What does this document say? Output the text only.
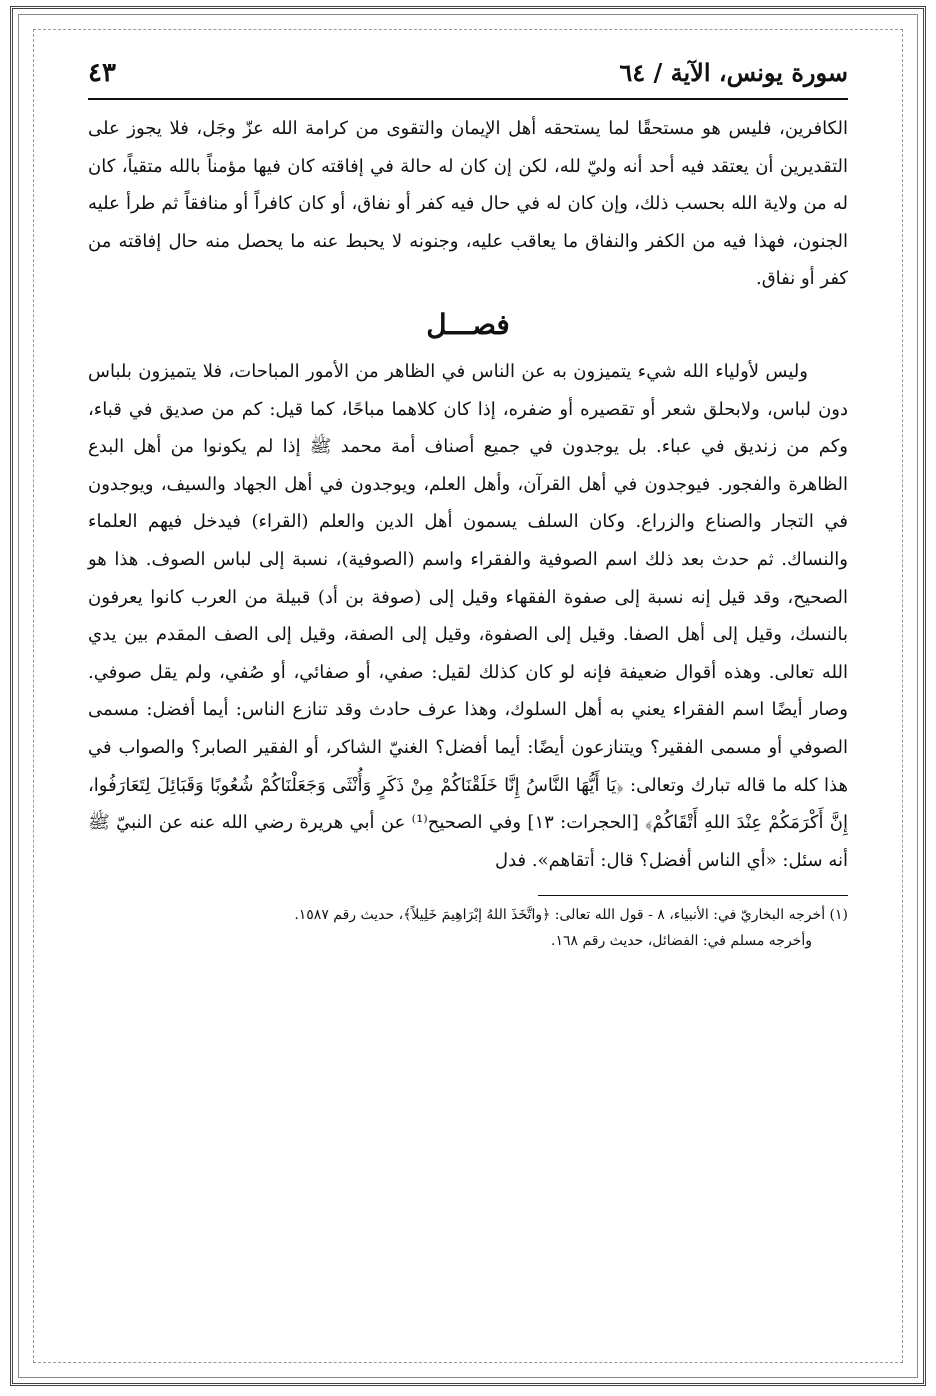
سورة يونس، الآية / ٦٤
٤٣

الكافرين، فليس هو مستحقًا لما يستحقه أهل الإيمان والتقوى من كرامة الله عزّ وجَل، فلا يجوز على التقديرين أن يعتقد فيه أحد أنه وليّ لله، لكن إن كان له حالة في إفاقته كان فيها مؤمناً بالله متقياً، كان له من ولاية الله بحسب ذلك، وإن كان له في حال فيه كفر أو نفاق، أو كان كافراً أو منافقاً ثم طرأ عليه الجنون، فهذا فيه من الكفر والنفاق ما يعاقب عليه، وجنونه لا يحبط عنه ما يحصل منه حال إفاقته من كفر أو نفاق.

فصـــل

وليس لأولياء الله شيء يتميزون به عن الناس في الظاهر من الأمور المباحات، فلا يتميزون بلباس دون لباس، ولابحلق شعر أو تقصيره أو ضفره، إذا كان كلاهما مباحًا، كما قيل: كم من صديق في قباء، وكم من زنديق في عباء. بل يوجدون في جميع أصناف أمة محمد ﷺ إذا لم يكونوا من أهل البدع الظاهرة والفجور. فيوجدون في أهل القرآن، وأهل العلم، ويوجدون في أهل الجهاد والسيف، ويوجدون في التجار والصناع والزراع. وكان السلف يسمون أهل الدين والعلم (القراء) فيدخل فيهم العلماء والنساك. ثم حدث بعد ذلك اسم الصوفية والفقراء واسم (الصوفية)، نسبة إلى لباس الصوف. هذا هو الصحيح، وقد قيل إنه نسبة إلى صفوة الفقهاء وقيل إلى (صوفة بن أد) قبيلة من العرب كانوا يعرفون بالنسك، وقيل إلى أهل الصفا. وقيل إلى الصفوة، وقيل إلى الصفة، وقيل إلى الصف المقدم بين يدي الله تعالى. وهذه أقوال ضعيفة فإنه لو كان كذلك لقيل: صفي، أو صفائي، أو صُفي، ولم يقل صوفي. وصار أيضًا اسم الفقراء يعني به أهل السلوك، وهذا عرف حادث وقد تنازع الناس: أيما أفضل: مسمى الصوفي أو مسمى الفقير؟ ويتنازعون أيضًا: أيما أفضل؟ الغنيّ الشاكر، أو الفقير الصابر؟ والصواب في هذا كله ما قاله تبارك وتعالى: ﴿يَا أَيُّهَا النَّاسُ إِنَّا خَلَقْنَاكُمْ مِنْ ذَكَرٍ وَأُنْثَى وَجَعَلْنَاكُمْ شُعُوبًا وَقَبَائِلَ لِتَعَارَفُوا، إِنَّ أَكْرَمَكُمْ عِنْدَ اللهِ أَتْقَاكُمْ﴾ [الحجرات: ١٣] وفي الصحيح⁽¹⁾ عن أبي هريرة رضي الله عنه عن النبيّ ﷺ أنه سئل: «أي الناس أفضل؟ قال: أتقاهم». فدل

(١) أخرجه البخاريّ في: الأنبياء، ٨ - قول الله تعالى: ﴿واتَّخَذَ اللهُ إبْرَاهِيمَ خَلِيلاً﴾، حديث رقم ١٥٨٧.
وأخرجه مسلم في: الفضائل، حديث رقم ١٦٨.
